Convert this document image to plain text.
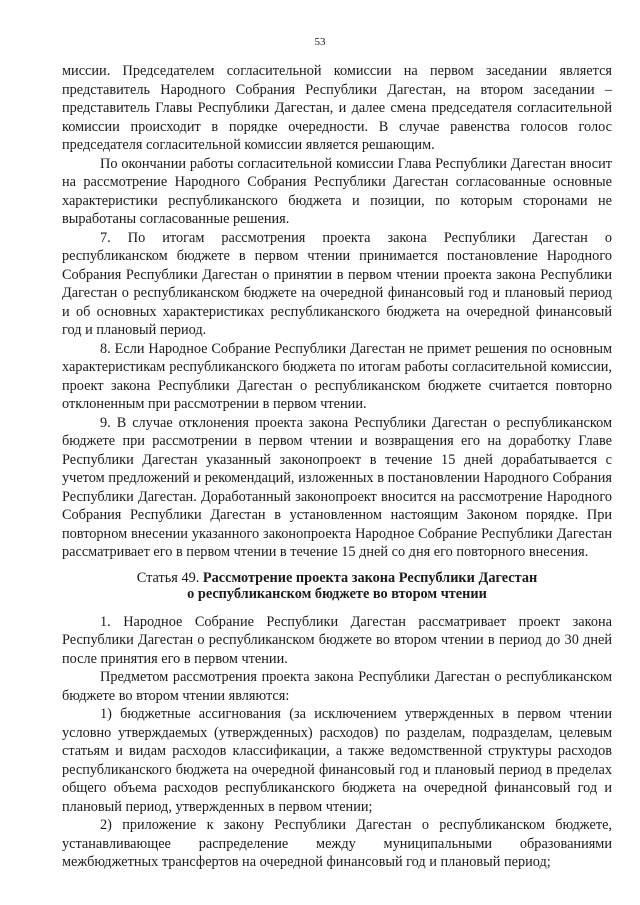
53

миссии. Председателем согласительной комиссии на первом заседании является представитель Народного Собрания Республики Дагестан, на втором заседании – представитель Главы Республики Дагестан, и далее смена председателя согласительной комиссии происходит в порядке очередности. В случае равенства голосов голос председателя согласительной комиссии является решающим.

По окончании работы согласительной комиссии Глава Республики Дагестан вносит на рассмотрение Народного Собрания Республики Дагестан согласованные основные характеристики республиканского бюджета и позиции, по которым сторонами не выработаны согласованные решения.

7. По итогам рассмотрения проекта закона Республики Дагестан о республиканском бюджете в первом чтении принимается постановление Народного Собрания Республики Дагестан о принятии в первом чтении проекта закона Республики Дагестан о республиканском бюджете на очередной финансовый год и плановый период и об основных характеристиках республиканского бюджета на очередной финансовый год и плановый период.

8. Если Народное Собрание Республики Дагестан не примет решения по основным характеристикам республиканского бюджета по итогам работы согласительной комиссии, проект закона Республики Дагестан о республиканском бюджете считается повторно отклоненным при рассмотрении в первом чтении.

9. В случае отклонения проекта закона Республики Дагестан о республиканском бюджете при рассмотрении в первом чтении и возвращения его на доработку Главе Республики Дагестан указанный законопроект в течение 15 дней дорабатывается с учетом предложений и рекомендаций, изложенных в постановлении Народного Собрания Республики Дагестан. Доработанный законопроект вносится на рассмотрение Народного Собрания Республики Дагестан в установленном настоящим Законом порядке. При повторном внесении указанного законопроекта Народное Собрание Республики Дагестан рассматривает его в первом чтении в течение 15 дней со дня его повторного внесения.

Статья 49. Рассмотрение проекта закона Республики Дагестан
о республиканском бюджете во втором чтении

1. Народное Собрание Республики Дагестан рассматривает проект закона Республики Дагестан о республиканском бюджете во втором чтении в период до 30 дней после принятия его в первом чтении.

Предметом рассмотрения проекта закона Республики Дагестан о республиканском бюджете во втором чтении являются:

1) бюджетные ассигнования (за исключением утвержденных в первом чтении условно утверждаемых (утвержденных) расходов) по разделам, подразделам, целевым статьям и видам расходов классификации, а также ведомственной структуры расходов республиканского бюджета на очередной финансовый год и плановый период в пределах общего объема расходов республиканского бюджета на очередной финансовый год и плановый период, утвержденных в первом чтении;

2) приложение к закону Республики Дагестан о республиканском бюджете, устанавливающее распределение между муниципальными образованиями межбюджетных трансфертов на очередной финансовый год и плановый период;
